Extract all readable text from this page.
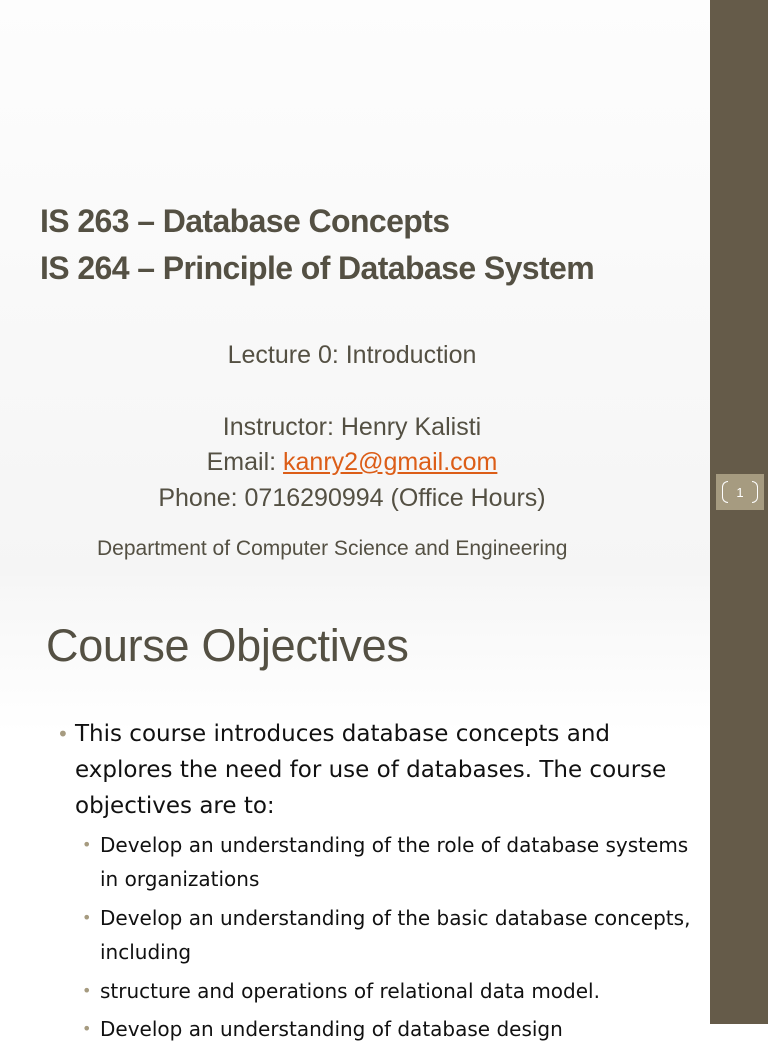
IS 263 – Database Concepts
IS 264 – Principle of Database System

Lecture 0: Introduction

Instructor: Henry Kalisti

Email: kanry2@gmail.com

Phone: 0716290994 (Office Hours)

Department of Computer Science and Engineering

Course Objectives

• This course introduces database concepts and explores the need for use of databases. The course objectives are to:

• Develop an understanding of the role of database systems in organizations

• Develop an understanding of the basic database concepts, including

• structure and operations of relational data model.

• Develop an understanding of database design

1
